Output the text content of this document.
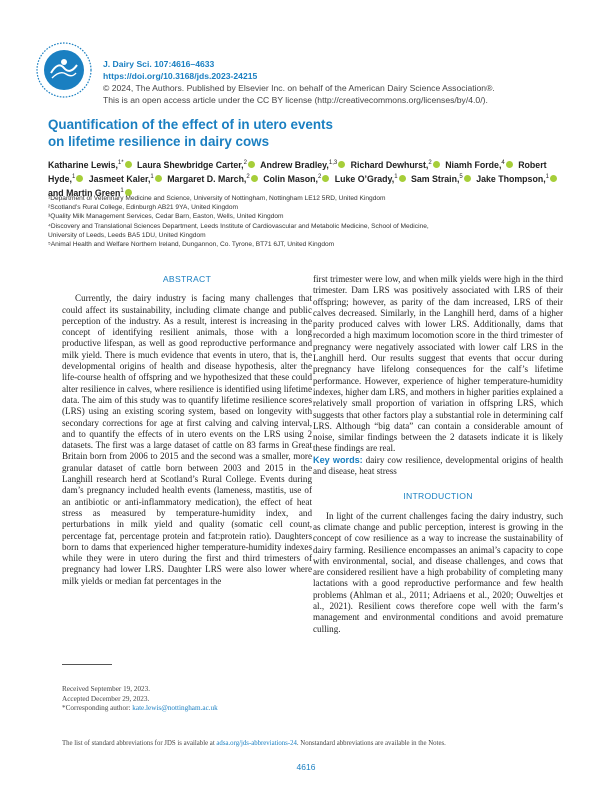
J. Dairy Sci. 107:4616–4633
https://doi.org/10.3168/jds.2023-24215
© 2024, The Authors. Published by Elsevier Inc. on behalf of the American Dairy Science Association®.
This is an open access article under the CC BY license (http://creativecommons.org/licenses/by/4.0/).
Quantification of the effect of in utero events
on lifetime resilience in dairy cows
Katharine Lewis,$^{1*}$ Laura Shewbridge Carter,$^2$ Andrew Bradley,$^{1,3}$ Richard Dewhurst,$^2$ Niamh Forde,$^4$ Robert Hyde,$^1$ Jasmeet Kaler,$^1$ Margaret D. March,$^2$ Colin Mason,$^2$ Luke O’Grady,$^1$ Sam Strain,$^5$ Jake Thompson,$^1$ and Martin Green$^1$
¹Department of Veterinary Medicine and Science, University of Nottingham, Nottingham LE12 5RD, United Kingdom
²Scotland’s Rural College, Edinburgh AB21 9YA, United Kingdom
³Quality Milk Management Services, Cedar Barn, Easton, Wells, United Kingdom
⁴Discovery and Translational Sciences Department, Leeds Institute of Cardiovascular and Metabolic Medicine, School of Medicine,
University of Leeds, Leeds BA5 1DU, United Kingdom
⁵Animal Health and Welfare Northern Ireland, Dungannon, Co. Tyrone, BT71 6JT, United Kingdom
ABSTRACT

Currently, the dairy industry is facing many challenges that could affect its sustainability, including climate change and public perception of the industry. As a result, interest is increasing in the concept of identifying resilient animals, those with a long productive lifespan, as well as good reproductive performance and milk yield. There is much evidence that events in utero, that is, the developmental origins of health and disease hypothesis, alter the life-course health of offspring and we hypothesized that these could alter resilience in calves, where resilience is identified using lifetime data. The aim of this study was to quantify lifetime resilience scores (LRS) using an existing scoring system, based on longevity with secondary corrections for age at first calving and calving interval, and to quantify the effects of in utero events on the LRS using 2 datasets. The first was a large dataset of cattle on 83 farms in Great Britain born from 2006 to 2015 and the second was a smaller, more granular dataset of cattle born between 2003 and 2015 in the Langhill research herd at Scotland’s Rural College. Events during dam’s pregnancy included health events (lameness, mastitis, use of an antibiotic or anti-inflammatory medication), the effect of heat stress as measured by temperature-humidity index, and perturbations in milk yield and quality (somatic cell count, percentage fat, percentage protein and fat:protein ratio). Daughters born to dams that experienced higher temperature-humidity indexes while they were in utero during the first and third trimesters of pregnancy had lower LRS. Daughter LRS were also lower where milk yields or median fat percentages in the

first trimester were low, and when milk yields were high in the third trimester. Dam LRS was positively associated with LRS of their offspring; however, as parity of the dam increased, LRS of their calves decreased. Similarly, in the Langhill herd, dams of a higher parity produced calves with lower LRS. Additionally, dams that recorded a high maximum locomotion score in the third trimester of pregnancy were negatively associated with lower calf LRS in the Langhill herd. Our results suggest that events that occur during pregnancy have lifelong consequences for the calf’s lifetime performance. However, experience of higher temperature-humidity indexes, higher dam LRS, and mothers in higher parities explained a relatively small proportion of variation in offspring LRS, which suggests that other factors play a substantial role in determining calf LRS. Although “big data” can contain a considerable amount of noise, similar findings between the 2 datasets indicate it is likely these findings are real.

Key words: dairy cow resilience, developmental origins of health and disease, heat stress

INTRODUCTION

In light of the current challenges facing the dairy industry, such as climate change and public perception, interest is growing in the concept of cow resilience as a way to increase the sustainability of dairy farming. Resilience encompasses an animal’s capacity to cope with environmental, social, and disease challenges, and cows that are considered resilient have a high probability of completing many lactations with a good reproductive performance and few health problems (Ahlman et al., 2011; Adriaens et al., 2020; Ouweltjes et al., 2021). Resilient cows therefore cope well with the farm’s management and environmental conditions and avoid premature culling.

Received September 19, 2023.
Accepted December 29, 2023.
*Corresponding author: kate.lewis@nottingham.ac.uk
The list of standard abbreviations for JDS is available at adsa.org/jds-abbreviations-24. Nonstandard abbreviations are available in the Notes.
4616
